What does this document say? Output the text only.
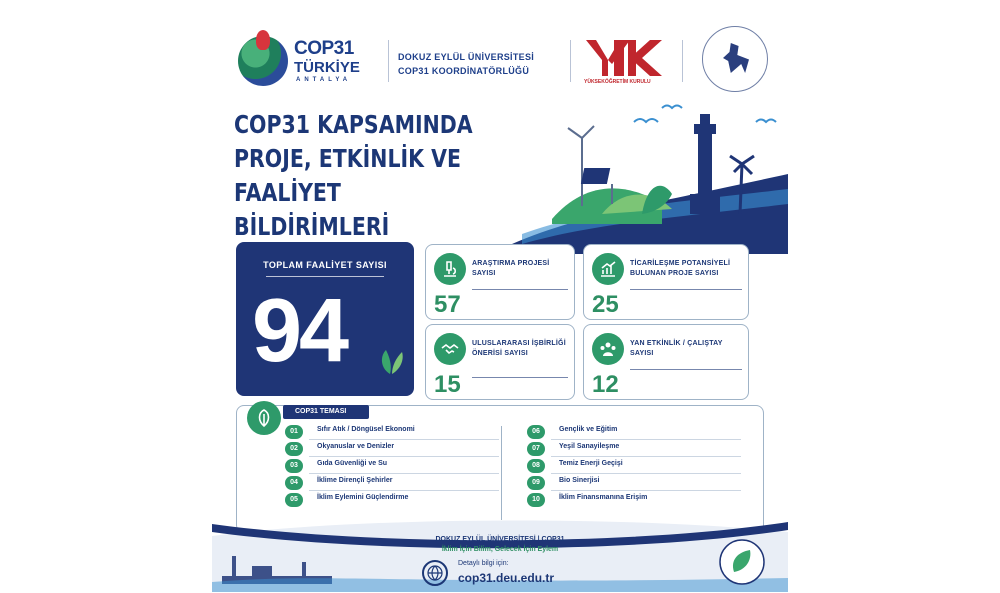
COP31
TÜRKİYE
ANTALYA
DOKUZ EYLÜL ÜNİVERSİTESİ
COP31 KOORDİNATÖRLÜĞÜ
YÜKSEKÖĞRETİM KURULU
COP31 KAPSAMINDA
PROJE, ETKİNLİK VE
FAALİYET BİLDİRİMLERİ
TOPLAM FAALİYET SAYISI
94
ARAŞTIRMA PROJESİ SAYISI
57
TİCARİLEŞME POTANSİYELİ BULUNAN PROJE SAYISI
25
ULUSLARARASI İŞBİRLİĞİ ÖNERİSİ SAYISI
15
YAN ETKİNLİK / ÇALIŞTAY SAYISI
12
COP31 TEMASI
01	Sıfır Atık / Döngüsel Ekonomi
02	Okyanuslar ve Denizler
03	Gıda Güvenliği ve Su
04	İklime Dirençli Şehirler
05	İklim Eylemini Güçlendirme
06	Gençlik ve Eğitim
07	Yeşil Sanayileşme
08	Temiz Enerji Geçişi
09	Bio Sinerjisi
10	İklim Finansmanına Erişim
DOKUZ EYLÜL ÜNİVERSİTESİ | COP31
İklim İçin Bilim, Gelecek İçin Eylem
Detaylı bilgi için:
cop31.deu.edu.tr
